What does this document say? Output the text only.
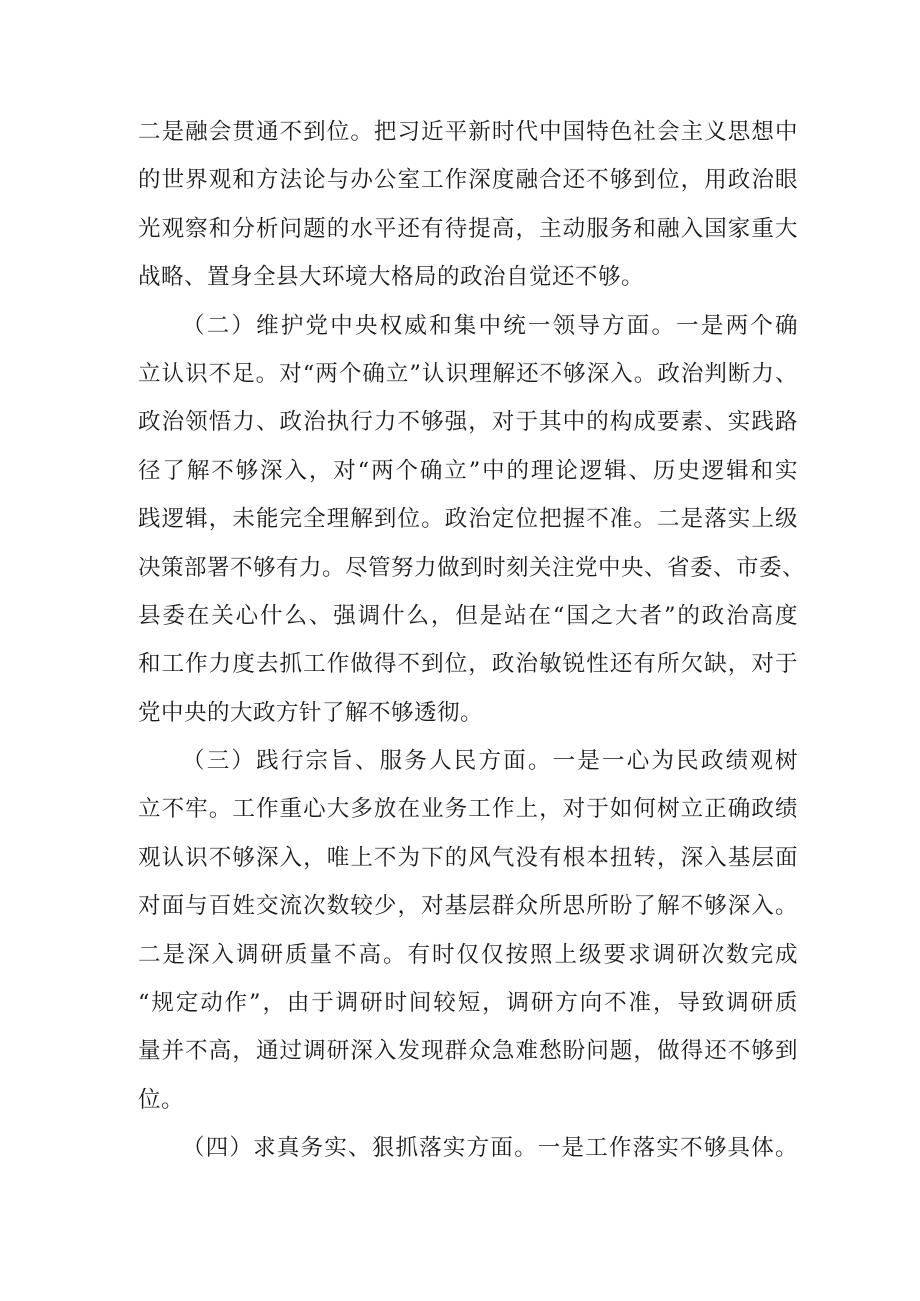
二是融会贯通不到位。把习近平新时代中国特色社会主义思想中
的世界观和方法论与办公室工作深度融合还不够到位，用政治眼
光观察和分析问题的水平还有待提高，主动服务和融入国家重大
战略、置身全县大环境大格局的政治自觉还不够。
（二）维护党中央权威和集中统一领导方面。一是两个确
立认识不足。对“两个确立”认识理解还不够深入。政治判断力、
政治领悟力、政治执行力不够强，对于其中的构成要素、实践路
径了解不够深入，对“两个确立”中的理论逻辑、历史逻辑和实
践逻辑，未能完全理解到位。政治定位把握不准。二是落实上级
决策部署不够有力。尽管努力做到时刻关注党中央、省委、市委、
县委在关心什么、强调什么，但是站在“国之大者”的政治高度
和工作力度去抓工作做得不到位，政治敏锐性还有所欠缺，对于
党中央的大政方针了解不够透彻。
（三）践行宗旨、服务人民方面。一是一心为民政绩观树
立不牢。工作重心大多放在业务工作上，对于如何树立正确政绩
观认识不够深入，唯上不为下的风气没有根本扭转，深入基层面
对面与百姓交流次数较少，对基层群众所思所盼了解不够深入。
二是深入调研质量不高。有时仅仅按照上级要求调研次数完成
“规定动作”，由于调研时间较短，调研方向不准，导致调研质
量并不高，通过调研深入发现群众急难愁盼问题，做得还不够到
位。
（四）求真务实、狠抓落实方面。一是工作落实不够具体。
